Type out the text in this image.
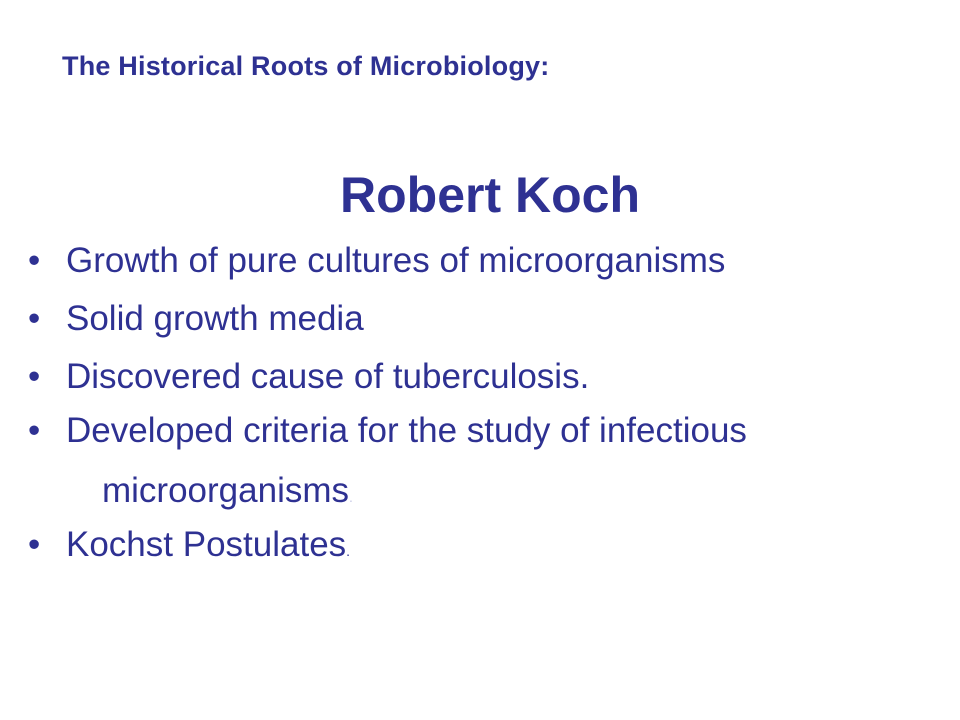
The Historical Roots of Microbiology:
Robert Koch
• Growth of pure cultures of microorganisms
• Solid growth media
• Discovered cause of tuberculosis.
• Developed criteria for the study of infectious
microorganisms.
• Kochst Postulates.
